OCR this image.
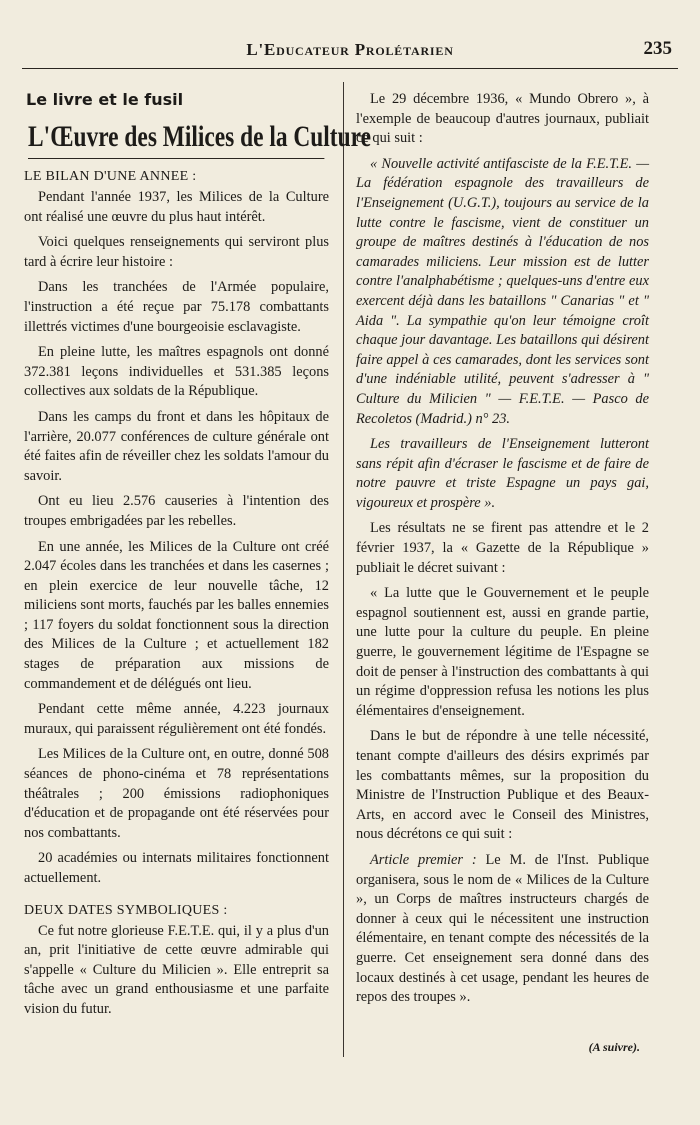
L'Educateur Prolétarien	235
Le livre et le fusil
L'Œuvre des Milices de la Culture
LE BILAN D'UNE ANNEE :

Pendant l'année 1937, les Milices de la Culture ont réalisé une œuvre du plus haut intérêt.

Voici quelques renseignements qui serviront plus tard à écrire leur histoire :

Dans les tranchées de l'Armée populaire, l'instruction a été reçue par 75.178 combattants illettrés victimes d'une bourgeoisie esclavagiste.

En pleine lutte, les maîtres espagnols ont donné 372.381 leçons individuelles et 531.385 leçons collectives aux soldats de la République.

Dans les camps du front et dans les hôpitaux de l'arrière, 20.077 conférences de culture générale ont été faites afin de réveiller chez les soldats l'amour du savoir.

Ont eu lieu 2.576 causeries à l'intention des troupes embrigadées par les rebelles.

En une année, les Milices de la Culture ont créé 2.047 écoles dans les tranchées et dans les casernes ; en plein exercice de leur nouvelle tâche, 12 miliciens sont morts, fauchés par les balles ennemies ; 117 foyers du soldat fonctionnent sous la direction des Milices de la Culture ; et actuellement 182 stages de préparation aux missions de commandement et de délégués ont lieu.

Pendant cette même année, 4.223 journaux muraux, qui paraissent régulièrement ont été fondés.

Les Milices de la Culture ont, en outre, donné 508 séances de phono-cinéma et 78 représentations théâtrales ; 200 émissions radiophoniques d'éducation et de propagande ont été réservées pour nos combattants.

20 académies ou internats militaires fonctionnent actuellement.

DEUX DATES SYMBOLIQUES :

Ce fut notre glorieuse F.E.T.E. qui, il y a plus d'un an, prit l'initiative de cette œuvre admirable qui s'appelle « Culture du Milicien ». Elle entreprit sa tâche avec un grand enthousiasme et une parfaite vision du futur.

Le 29 décembre 1936, « Mundo Obrero », à l'exemple de beaucoup d'autres journaux, publiait ce qui suit :

« Nouvelle activité antifasciste de la F.E.T.E. — La fédération espagnole des travailleurs de l'Enseignement (U.G.T.), toujours au service de la lutte contre le fascisme, vient de constituer un groupe de maîtres destinés à l'éducation de nos camarades miliciens. Leur mission est de lutter contre l'analphabétisme ; quelques-uns d'entre eux exercent déjà dans les bataillons " Canarias " et " Aida ". La sympathie qu'on leur témoigne croît chaque jour davantage. Les bataillons qui désirent faire appel à ces camarades, dont les services sont d'une indéniable utilité, peuvent s'adresser à " Culture du Milicien " — F.E.T.E. — Pasco de Recoletos (Madrid.) n° 23.

Les travailleurs de l'Enseignement lutteront sans répit afin d'écraser le fascisme et de faire de notre pauvre et triste Espagne un pays gai, vigoureux et prospère ».

Les résultats ne se firent pas attendre et le 2 février 1937, la « Gazette de la République » publiait le décret suivant :

« La lutte que le Gouvernement et le peuple espagnol soutiennent est, aussi en grande partie, une lutte pour la culture du peuple. En pleine guerre, le gouvernement légitime de l'Espagne se doit de penser à l'instruction des combattants à qui un régime d'oppression refusa les notions les plus élémentaires d'enseignement.

Dans le but de répondre à une telle nécessité, tenant compte d'ailleurs des désirs exprimés par les combattants mêmes, sur la proposition du Ministre de l'Instruction Publique et des Beaux-Arts, en accord avec le Conseil des Ministres, nous décrétons ce qui suit :

Article premier : Le M. de l'Inst. Publique organisera, sous le nom de « Milices de la Culture », un Corps de maîtres instructeurs chargés de donner à ceux qui le nécessitent une instruction élémentaire, en tenant compte des nécessités de la guerre. Cet enseignement sera donné dans des locaux destinés à cet usage, pendant les heures de repos des troupes ».

(A suivre).
